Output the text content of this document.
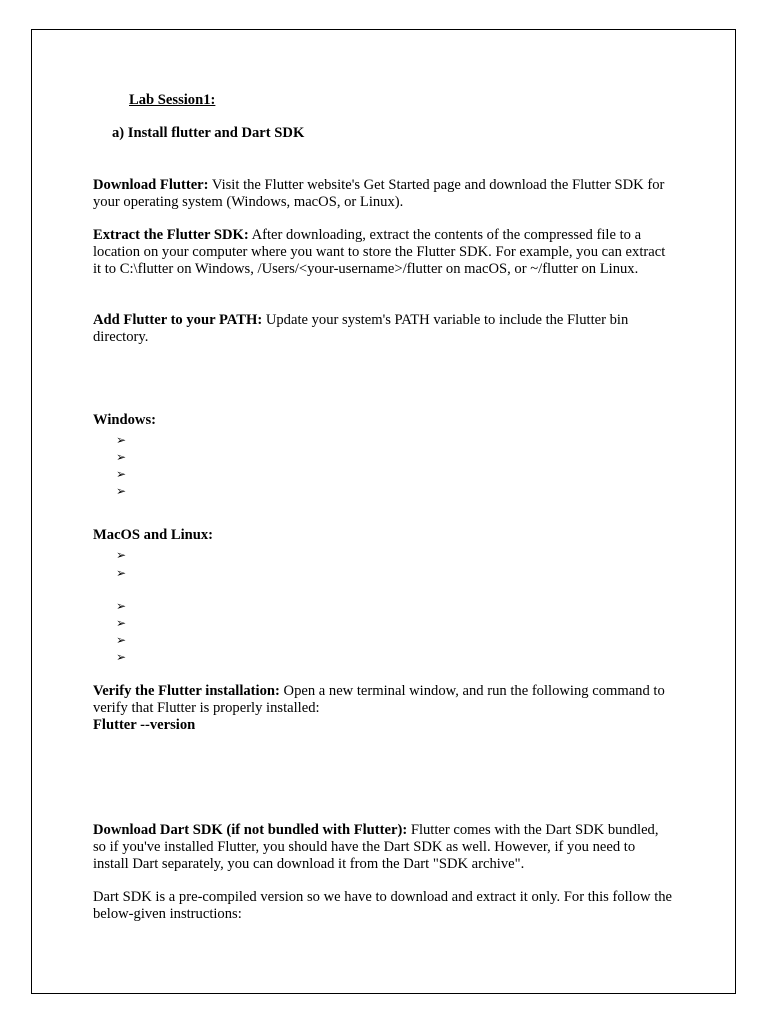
Lab Session1:
a) Install flutter and Dart SDK
Download Flutter: Visit the Flutter website's Get Started page and download the Flutter SDK for your operating system (Windows, macOS, or Linux).
Extract the Flutter SDK: After downloading, extract the contents of the compressed file to a location on your computer where you want to store the Flutter SDK. For example, you can extract it to C:\flutter on Windows, /Users/<your-username>/flutter on macOS, or ~/flutter on Linux.
Add Flutter to your PATH: Update your system's PATH variable to include the Flutter bin directory.
Windows:
➢
➢
➢
➢
MacOS and Linux:
➢
➢
➢
➢
➢
➢
Verify the Flutter installation: Open a new terminal window, and run the following command to verify that Flutter is properly installed:
Flutter --version
Download Dart SDK (if not bundled with Flutter): Flutter comes with the Dart SDK bundled, so if you've installed Flutter, you should have the Dart SDK as well. However, if you need to install Dart separately, you can download it from the Dart "SDK archive".
Dart SDK is a pre-compiled version so we have to download and extract it only. For this follow the below-given instructions:
